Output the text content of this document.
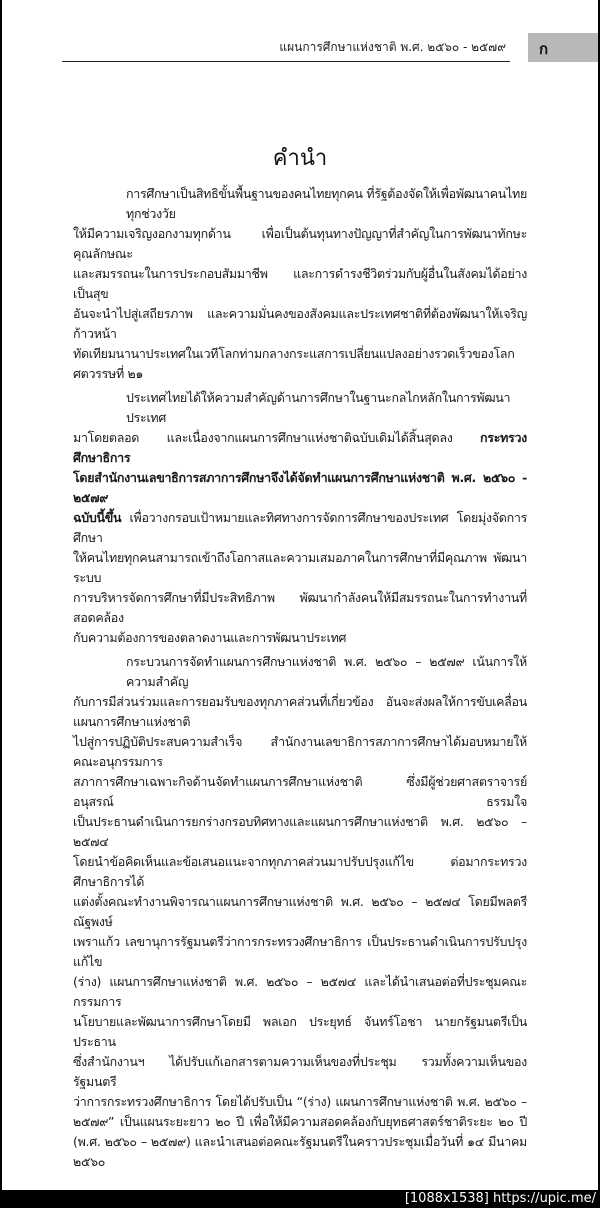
ก
แผนการศึกษาแห่งชาติ พ.ศ. ๒๕๖๐ - ๒๕๗๙
คำนำ
การศึกษาเป็นสิทธิขั้นพื้นฐานของคนไทยทุกคน ที่รัฐต้องจัดให้เพื่อพัฒนาคนไทยทุกช่วงวัย
ให้มีความเจริญงอกงามทุกด้าน เพื่อเป็นต้นทุนทางปัญญาที่สำคัญในการพัฒนาทักษะ คุณลักษณะ
และสมรรถนะในการประกอบสัมมาชีพ และการดำรงชีวิตร่วมกับผู้อื่นในสังคมได้อย่างเป็นสุข
อันจะนำไปสู่เสถียรภาพ และความมั่นคงของสังคมและประเทศชาติที่ต้องพัฒนาให้เจริญก้าวหน้า
ทัดเทียมนานาประเทศในเวทีโลกท่ามกลางกระแสการเปลี่ยนแปลงอย่างรวดเร็วของโลกศตวรรษที่ ๒๑
ประเทศไทยได้ให้ความสำคัญด้านการศึกษาในฐานะกลไกหลักในการพัฒนาประเทศ
มาโดยตลอด และเนื่องจากแผนการศึกษาแห่งชาติฉบับเดิมได้สิ้นสุดลง กระทรวงศึกษาธิการ
โดยสำนักงานเลขาธิการสภาการศึกษาจึงได้จัดทำแผนการศึกษาแห่งชาติ พ.ศ. ๒๕๖๐ - ๒๕๗๙
ฉบับนี้ขึ้น เพื่อวางกรอบเป้าหมายและทิศทางการจัดการศึกษาของประเทศ โดยมุ่งจัดการศึกษา
ให้คนไทยทุกคนสามารถเข้าถึงโอกาสและความเสมอภาคในการศึกษาที่มีคุณภาพ พัฒนาระบบ
การบริหารจัดการศึกษาที่มีประสิทธิภาพ พัฒนากำลังคนให้มีสมรรถนะในการทำงานที่สอดคล้อง
กับความต้องการของตลาดงานและการพัฒนาประเทศ
กระบวนการจัดทำแผนการศึกษาแห่งชาติ พ.ศ. ๒๕๖๐ – ๒๕๗๙ เน้นการให้ความสำคัญ
กับการมีส่วนร่วมและการยอมรับของทุกภาคส่วนที่เกี่ยวข้อง อันจะส่งผลให้การขับเคลื่อนแผนการศึกษาแห่งชาติ
ไปสู่การปฏิบัติประสบความสำเร็จ สำนักงานเลขาธิการสภาการศึกษาได้มอบหมายให้คณะอนุกรรมการ
สภาการศึกษาเฉพาะกิจด้านจัดทำแผนการศึกษาแห่งชาติ ซึ่งมีผู้ช่วยศาสตราจารย์อนุสรณ์ ธรรมใจ
เป็นประธานดำเนินการยกร่างกรอบทิศทางและแผนการศึกษาแห่งชาติ พ.ศ. ๒๕๖๐ – ๒๕๗๔
โดยนำข้อคิดเห็นและข้อเสนอแนะจากทุกภาคส่วนมาปรับปรุงแก้ไข ต่อมากระทรวงศึกษาธิการได้
แต่งตั้งคณะทำงานพิจารณาแผนการศึกษาแห่งชาติ พ.ศ. ๒๕๖๐ – ๒๕๗๔ โดยมีพลตรี ณัฐพงษ์
เพราแก้ว เลขานุการรัฐมนตรีว่าการกระทรวงศึกษาธิการ เป็นประธานดำเนินการปรับปรุงแก้ไข
(ร่าง) แผนการศึกษาแห่งชาติ พ.ศ. ๒๕๖๐ – ๒๕๗๔ และได้นำเสนอต่อที่ประชุมคณะกรรมการ
นโยบายและพัฒนาการศึกษาโดยมี พลเอก ประยุทธ์ จันทร์โอชา นายกรัฐมนตรีเป็นประธาน
ซึ่งสำนักงานฯ ได้ปรับแก้เอกสารตามความเห็นของที่ประชุม รวมทั้งความเห็นของรัฐมนตรี
ว่าการกระทรวงศึกษาธิการ โดยได้ปรับเป็น “(ร่าง) แผนการศึกษาแห่งชาติ พ.ศ. ๒๕๖๐ –
๒๕๗๙” เป็นแผนระยะยาว ๒๐ ปี เพื่อให้มีความสอดคล้องกับยุทธศาสตร์ชาติระยะ ๒๐ ปี
(พ.ศ. ๒๕๖๐ – ๒๕๗๙) และนำเสนอต่อคณะรัฐมนตรีในคราวประชุมเมื่อวันที่ ๑๔ มีนาคม ๒๕๖๐
[1088x1538] https://upic.me/
